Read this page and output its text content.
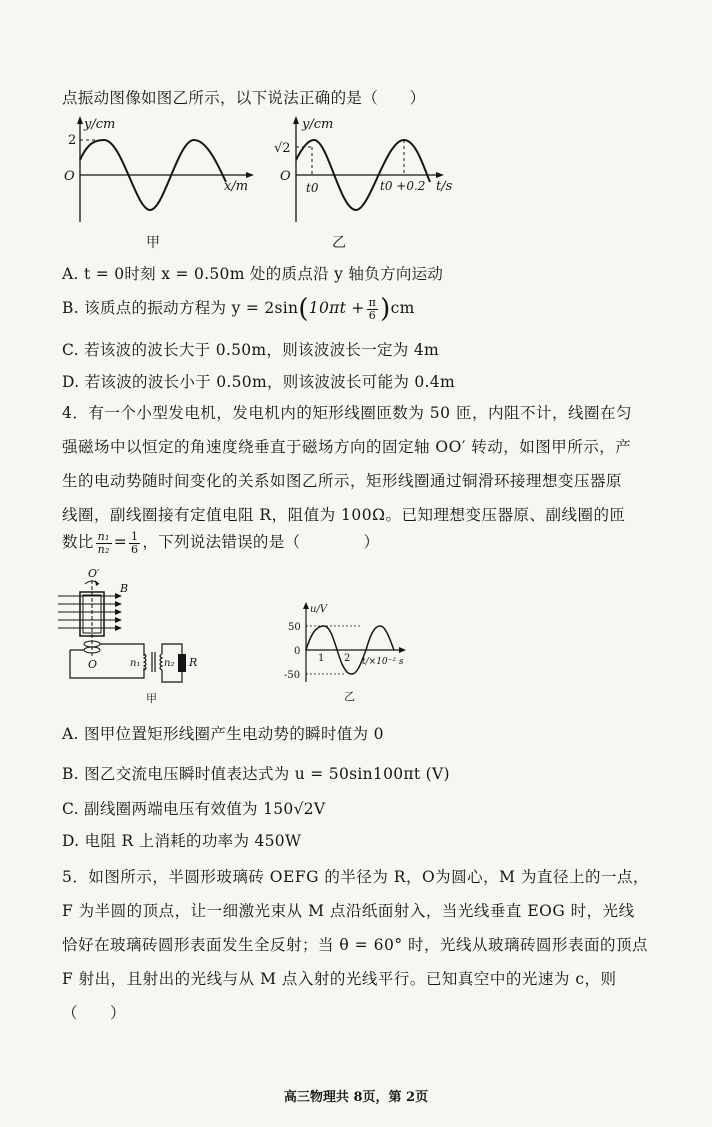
点振动图像如图乙所示，以下说法正确的是（　　）
y/cm
2
O
x/m
甲
y/cm
√2
O
t0	t0 +0.2 t/s
乙
A. t = 0时刻 x = 0.50m 处的质点沿 y 轴负方向运动
B. 该质点的振动方程为 $y = 2\sin(10\pi t + \frac{\pi}{6} )cm$
C. 若该波的波长大于 0.50m，则该波波长一定为 4m
D. 若该波的波长小于 0.50m，则该波波长可能为 0.4m

4．有一个小型发电机，发电机内的矩形线圈匝数为 50 匝，内阻不计，线圈在匀

强磁场中以恒定的角速度绕垂直于磁场方向的固定轴 OO′ 转动，如图甲所示，产

生的电动势随时间变化的关系如图乙所示，矩形线圈通过铜滑环接理想变压器原

线圈，副线圈接有定值电阻 R，阻值为 100Ω。已知理想变压器原、副线圈的匝

数比 $\frac{\text{n₁}}{\text{n₂}} = \frac{1}{6}$ ，下列说法错误的是（　　　　）
O′
O
B
n₁ n₂ R
甲
u/V
50
0
-50
1 2 t/×10⁻² s
乙
A. 图甲位置矩形线圈产生电动势的瞬时值为 0
B. 图乙交流电压瞬时值表达式为 u = 50sin100πt (V)
C. 副线圈两端电压有效值为 150√2V
D. 电阻 R 上消耗的功率为 450W

5．如图所示，半圆形玻璃砖 OEFG 的半径为 R，O为圆心，M 为直径上的一点，

F 为半圆的顶点，让一细激光束从 M 点沿纸面射入，当光线垂直 EOG 时，光线

恰好在玻璃砖圆形表面发生全反射；当 θ = 60° 时，光线从玻璃砖圆形表面的顶点

F 射出，且射出的光线与从 M 点入射的光线平行。已知真空中的光速为 c，则

（　　）

高三物理共 8页，第 2页
